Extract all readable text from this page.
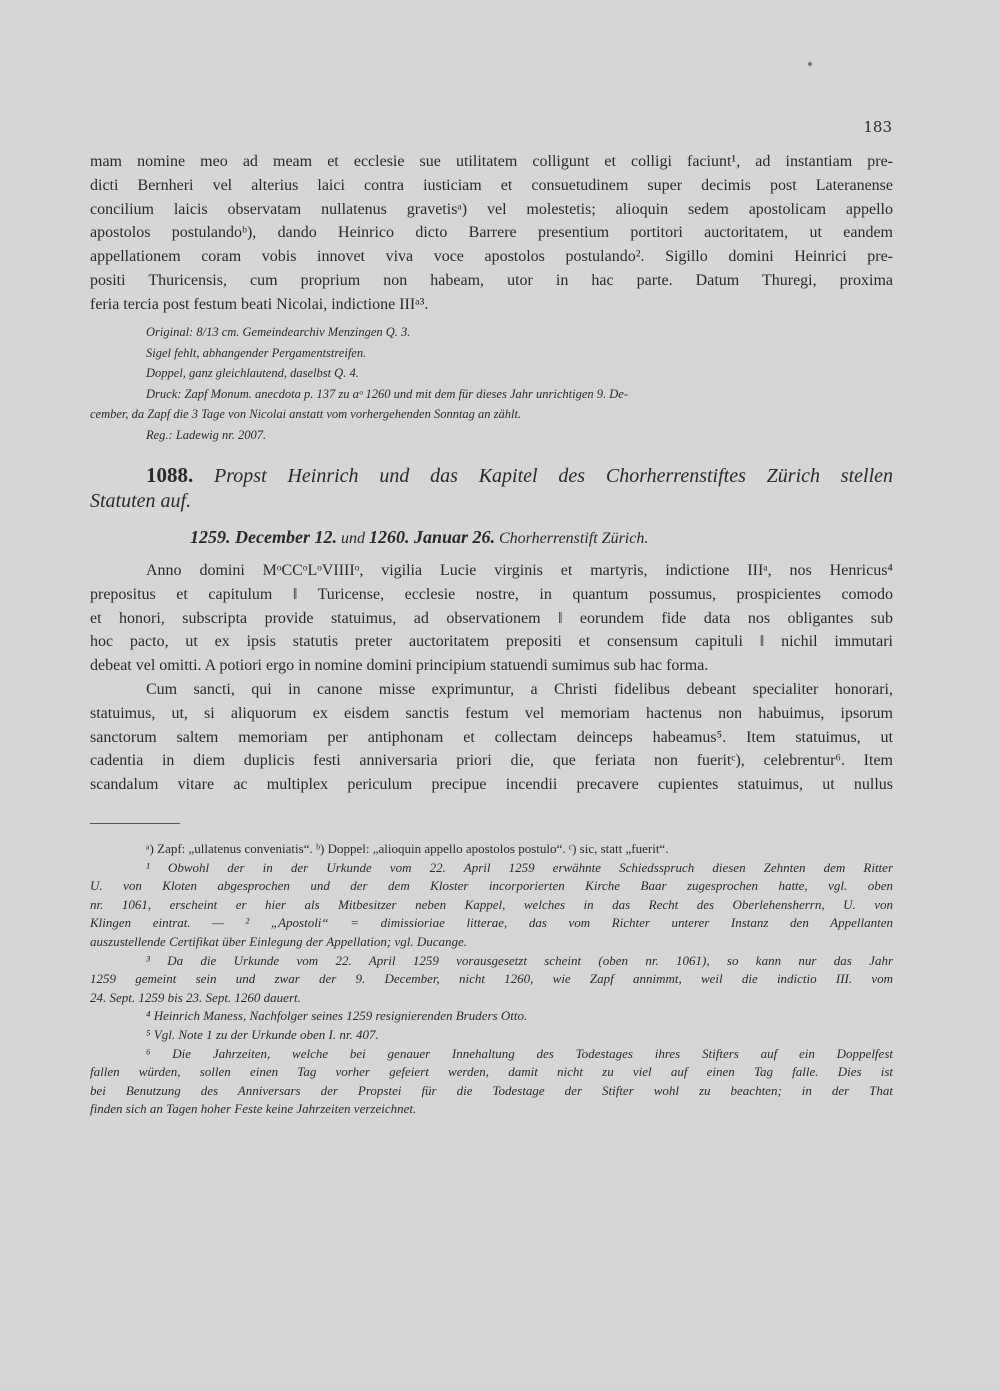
183
mam nomine meo ad meam et ecclesie sue utilitatem colligunt et colligi faciunt¹, ad instantiam pre-
dicti Bernheri vel alterius laici contra iusticiam et consuetudinem super decimis post Lateranense
concilium laicis observatam nullatenus gravetisᵃ) vel molestetis; alioquin sedem apostolicam appello
apostolos postulandoᵇ), dando Heinrico dicto Barrere presentium portitori auctoritatem, ut eandem
appellationem coram vobis innovet viva voce apostolos postulando². Sigillo domini Heinrici pre-
positi Thuricensis, cum proprium non habeam, utor in hac parte. Datum Thuregi, proxima
feria tercia post festum beati Nicolai, indictione IIIᵃ³.
Original: 8/13 cm. Gemeindearchiv Menzingen Q. 3.
Sigel fehlt, abhangender Pergamentstreifen.
Doppel, ganz gleichlautend, daselbst Q. 4.
Druck: Zapf Monum. anecdota p. 137 zu aᵒ 1260 und mit dem für dieses Jahr unrichtigen 9. De-
cember, da Zapf die 3 Tage von Nicolai anstatt vom vorhergehenden Sonntag an zählt.
Reg.: Ladewig nr. 2007.
1088. Propst Heinrich und das Kapitel des Chorherrenstiftes Zürich stellen
Statuten auf.
1259. December 12. und 1260. Januar 26. Chorherrenstift Zürich.
Anno domini MᵒCCᵒLᵒVIIIIᵒ, vigilia Lucie virginis et martyris, indictione IIIᵃ, nos Henricus⁴
prepositus et capitulum ‖ Turicense, ecclesie nostre, in quantum possumus, prospicientes comodo
et honori, subscripta provide statuimus, ad observationem ‖ eorundem fide data nos obligantes sub
hoc pacto, ut ex ipsis statutis preter auctoritatem prepositi et consensum capituli ‖ nichil immutari
debeat vel omitti. A potiori ergo in nomine domini principium statuendi sumimus sub hac forma.
Cum sancti, qui in canone misse exprimuntur, a Christi fidelibus debeant specialiter honorari,
statuimus, ut, si aliquorum ex eisdem sanctis festum vel memoriam hactenus non habuimus, ipsorum
sanctorum saltem memoriam per antiphonam et collectam deinceps habeamus⁵. Item statuimus, ut
cadentia in diem duplicis festi anniversaria priori die, que feriata non fueritᶜ), celebrentur⁶. Item
scandalum vitare ac multiplex periculum precipue incendii precavere cupientes statuimus, ut nullus
ᵃ) Zapf: „ullatenus conveniatis“. ᵇ) Doppel: „alioquin appello apostolos postulo“. ᶜ) sic, statt „fuerit“.
¹ Obwohl der in der Urkunde vom 22. April 1259 erwähnte Schiedsspruch diesen Zehnten dem Ritter
U. von Kloten abgesprochen und der dem Kloster incorporierten Kirche Baar zugesprochen hatte, vgl. oben
nr. 1061, erscheint er hier als Mitbesitzer neben Kappel, welches in das Recht des Oberlehensherrn, U. von
Klingen eintrat. — ² „Apostoli“ = dimissioriae litterae, das vom Richter unterer Instanz den Appellanten
auszustellende Certifikat über Einlegung der Appellation; vgl. Ducange.
³ Da die Urkunde vom 22. April 1259 vorausgesetzt scheint (oben nr. 1061), so kann nur das Jahr
1259 gemeint sein und zwar der 9. December, nicht 1260, wie Zapf annimmt, weil die indictio III. vom
24. Sept. 1259 bis 23. Sept. 1260 dauert.
⁴ Heinrich Maness, Nachfolger seines 1259 resignierenden Bruders Otto.
⁵ Vgl. Note 1 zu der Urkunde oben I. nr. 407.
⁶ Die Jahrzeiten, welche bei genauer Innehaltung des Todestages ihres Stifters auf ein Doppelfest
fallen würden, sollen einen Tag vorher gefeiert werden, damit nicht zu viel auf einen Tag falle. Dies ist
bei Benutzung des Anniversars der Propstei für die Todestage der Stifter wohl zu beachten; in der That
finden sich an Tagen hoher Feste keine Jahrzeiten verzeichnet.
